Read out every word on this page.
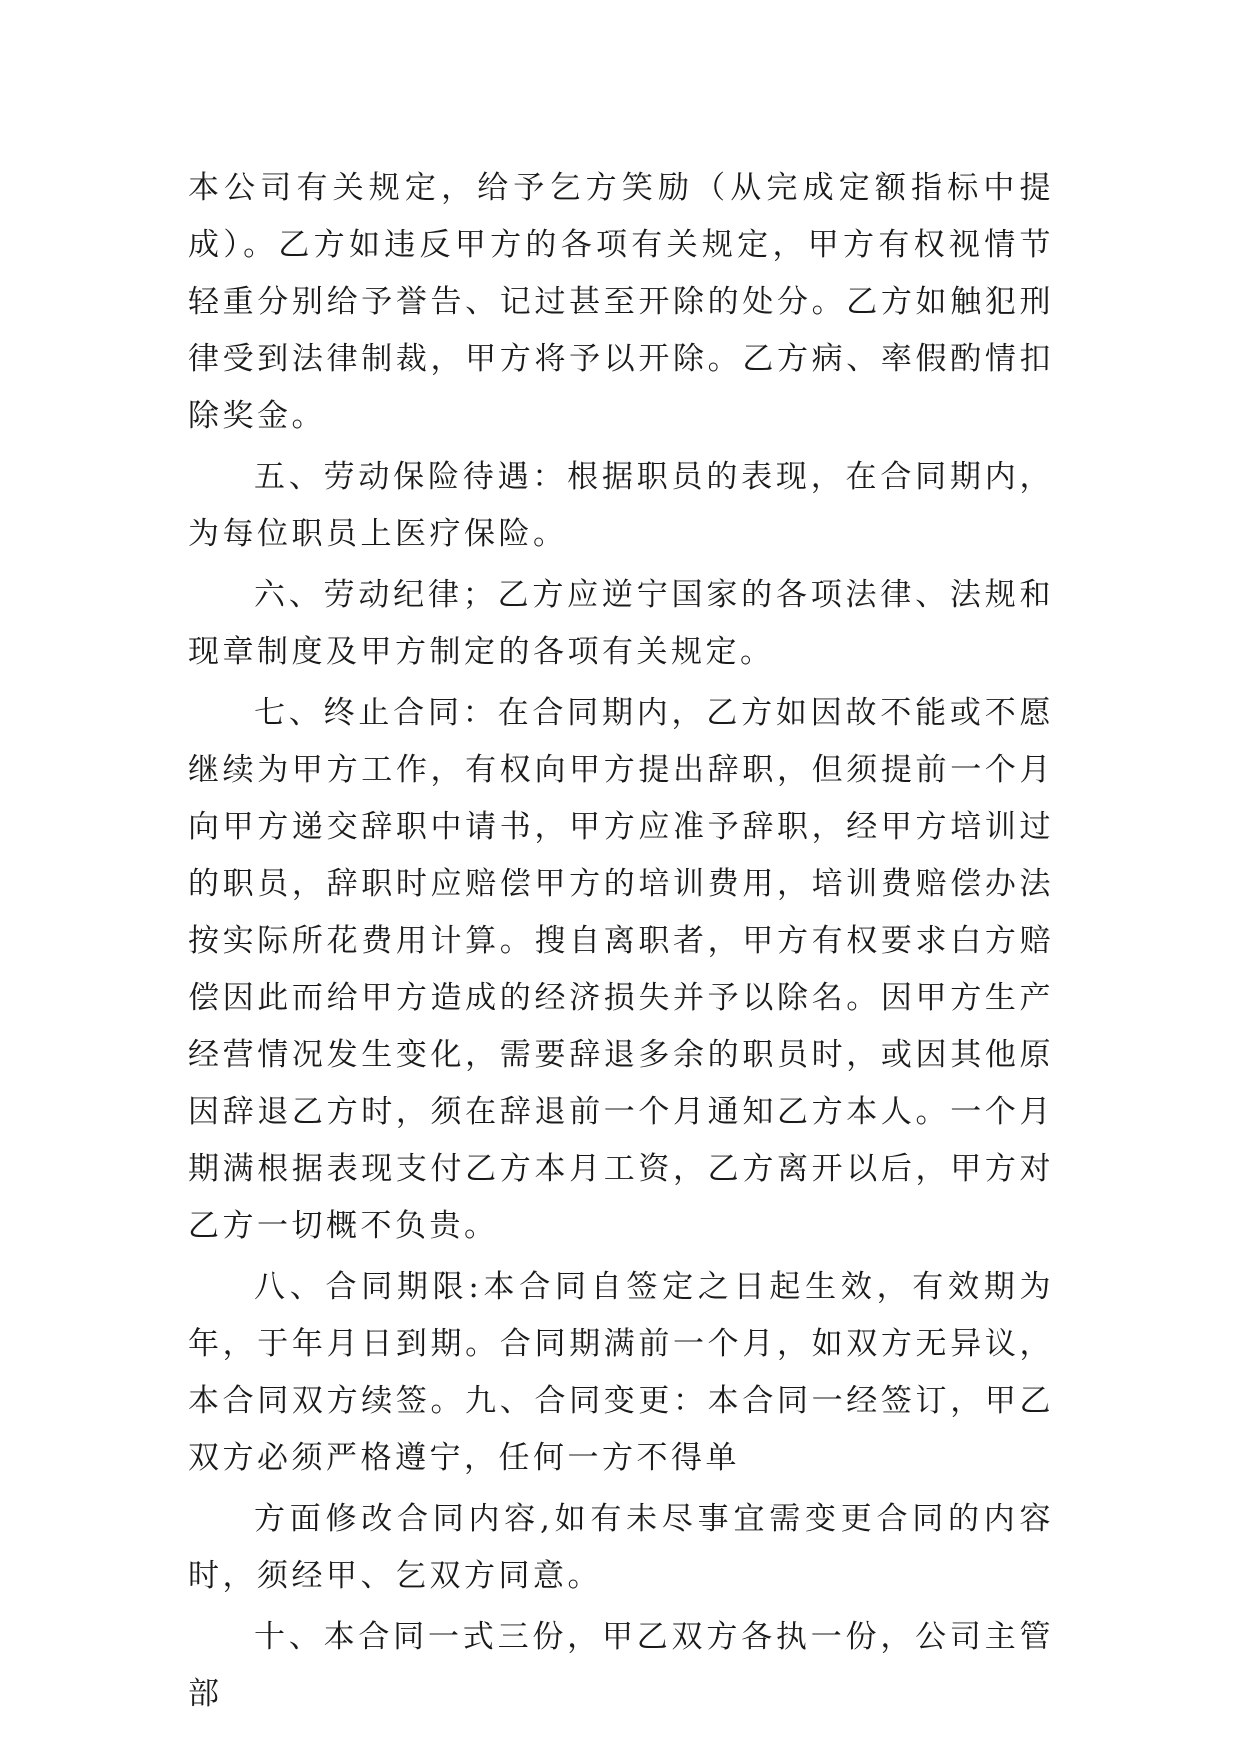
本公司有关规定，给予乞方笑励（从完成定额指标中提成）。乙方如违反甲方的各项有关规定，甲方有权视情节轻重分别给予誉告、记过甚至开除的处分。乙方如触犯刑律受到法律制裁，甲方将予以开除。乙方病、率假酌情扣除奖金。

五、劳动保险待遇：根据职员的表现，在合同期内，为每位职员上医疗保险。

六、劳动纪律；乙方应逆宁国家的各项法律、法规和现章制度及甲方制定的各项有关规定。

七、终止合同：在合同期内，乙方如因故不能或不愿继续为甲方工作，有权向甲方提出辞职，但须提前一个月向甲方递交辞职中请书，甲方应准予辞职，经甲方培训过的职员，辞职时应赔偿甲方的培训费用，培训费赔偿办法按实际所花费用计算。搜自离职者，甲方有权要求白方赔偿因此而给甲方造成的经济损失并予以除名。因甲方生产经营情况发生变化，需要辞退多余的职员时，或因其他原因辞退乙方时，须在辞退前一个月通知乙方本人。一个月期满根据表现支付乙方本月工资，乙方离开以后，甲方对乙方一切概不负贵。

八、合同期限:本合同自签定之日起生效，有效期为年，于年月日到期。合同期满前一个月，如双方无异议，本合同双方续签。九、合同变更：本合同一经签订，甲乙双方必须严格遵宁，任何一方不得单

方面修改合同内容,如有未尽事宜需变更合同的内容时，须经甲、乞双方同意。

十、本合同一式三份，甲乙双方各执一份，公司主管部
